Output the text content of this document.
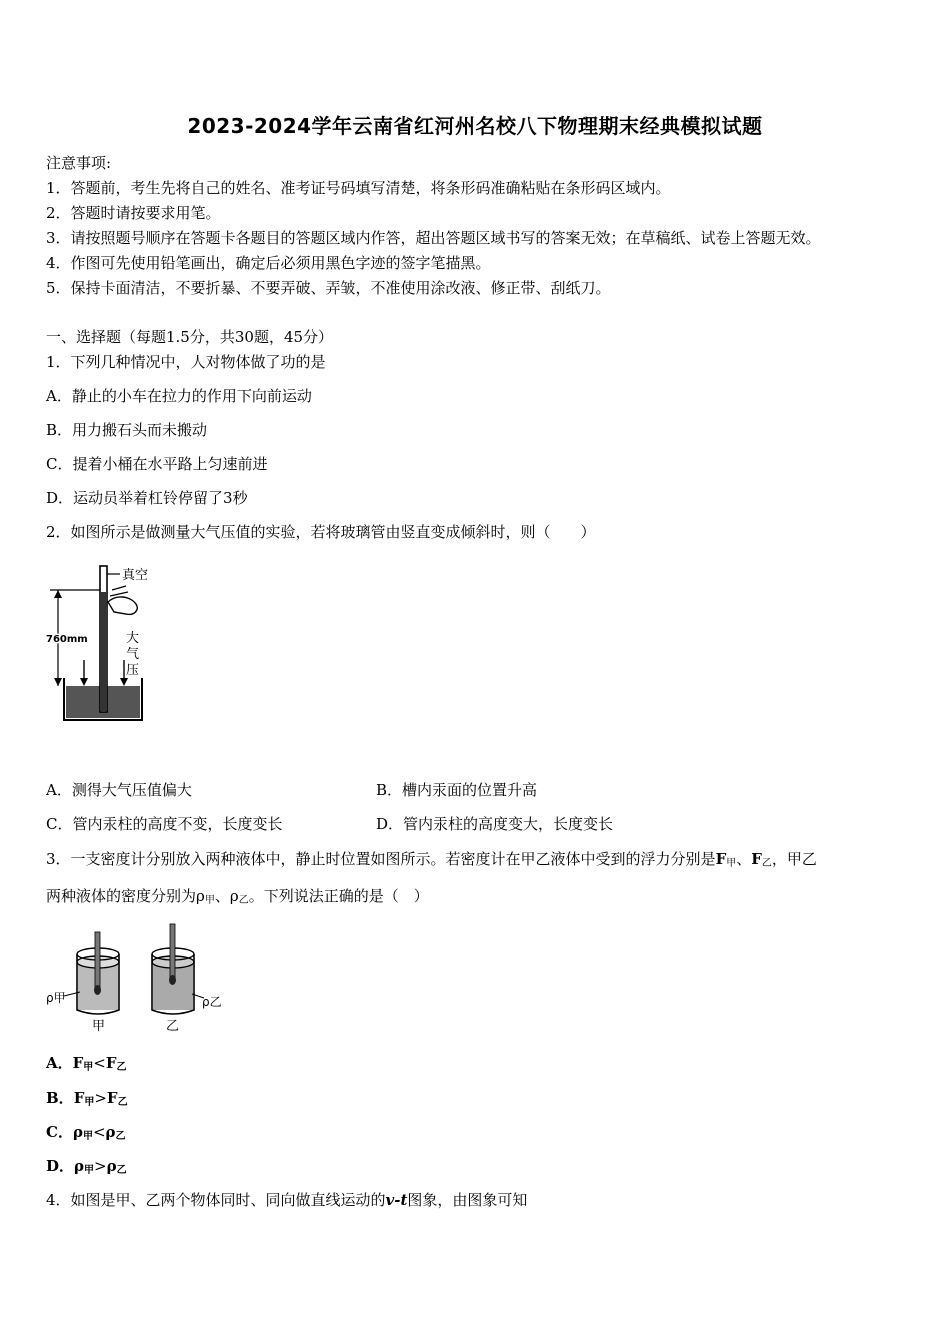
2023-2024学年云南省红河州名校八下物理期末经典模拟试题
注意事项:
1．答题前，考生先将自己的姓名、准考证号码填写清楚，将条形码准确粘贴在条形码区域内。
2．答题时请按要求用笔。
3．请按照题号顺序在答题卡各题目的答题区域内作答，超出答题区域书写的答案无效；在草稿纸、试卷上答题无效。
4．作图可先使用铅笔画出，确定后必须用黑色字迹的签字笔描黑。
5．保持卡面清洁，不要折暴、不要弄破、弄皱，不准使用涂改液、修正带、刮纸刀。
一、选择题（每题1.5分，共30题，45分）
1．下列几种情况中，人对物体做了功的是
A．静止的小车在拉力的作用下向前运动
B．用力搬石头而未搬动
C．提着小桶在水平路上匀速前进
D．运动员举着杠铃停留了3秒
2．如图所示是做测量大气压值的实验，若将玻璃管由竖直变成倾斜时，则（　　）
真空
760mm	大
气
压
A．测得大气压值偏大	B．槽内汞面的位置升高
C．管内汞柱的高度不变，长度变长	D．管内汞柱的高度变大，长度变长
3．一支密度计分别放入两种液体中，静止时位置如图所示。若密度计在甲乙液体中受到的浮力分别是$F_甲$、$F_乙$，甲乙
两种液体的密度分别为$\rho_甲$、$\rho_乙$。下列说法正确的是（　）
ρ甲	ρ乙
甲	乙
A．$F_甲<F_乙$
B．$F_甲>F_乙$
C．$\rho_甲<\rho_乙$
D．$\rho_甲>\rho_乙$
4．如图是甲、乙两个物体同时、同向做直线运动的v-t图象，由图象可知
